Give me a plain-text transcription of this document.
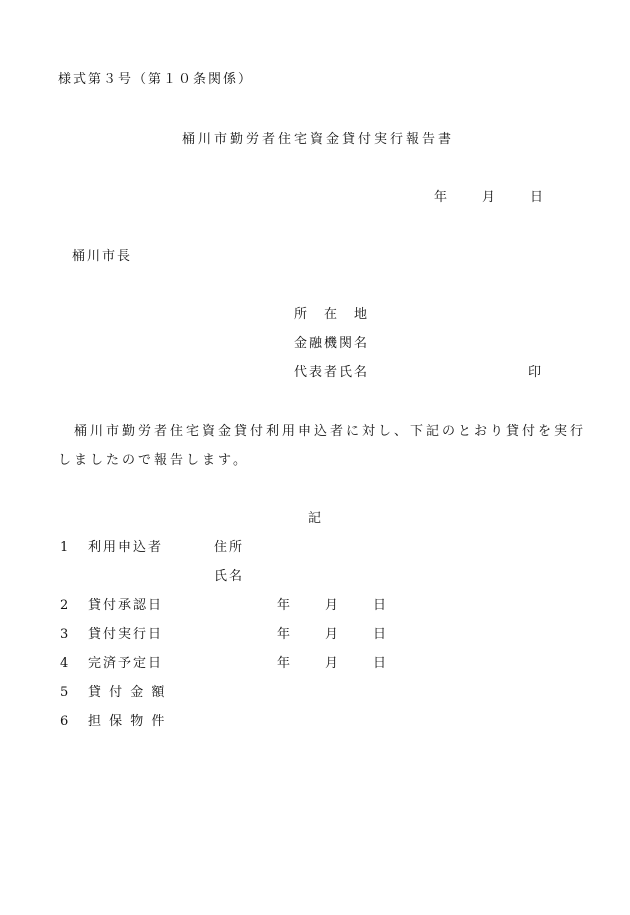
様式第３号（第１０条関係）
桶川市勤労者住宅資金貸付実行報告書
年	月	日
桶川市長
所　在　地
金融機関名
代表者氏名	印
　桶川市勤労者住宅資金貸付利用申込者に対し、下記のとおり貸付を実行
しましたので報告します。
記
1 利用申込者	住所
氏名
2 貸付承認日	年	月	日
3 貸付実行日	年	月	日
4 完済予定日	年	月	日
5 貸 付 金 額
6 担 保 物 件
